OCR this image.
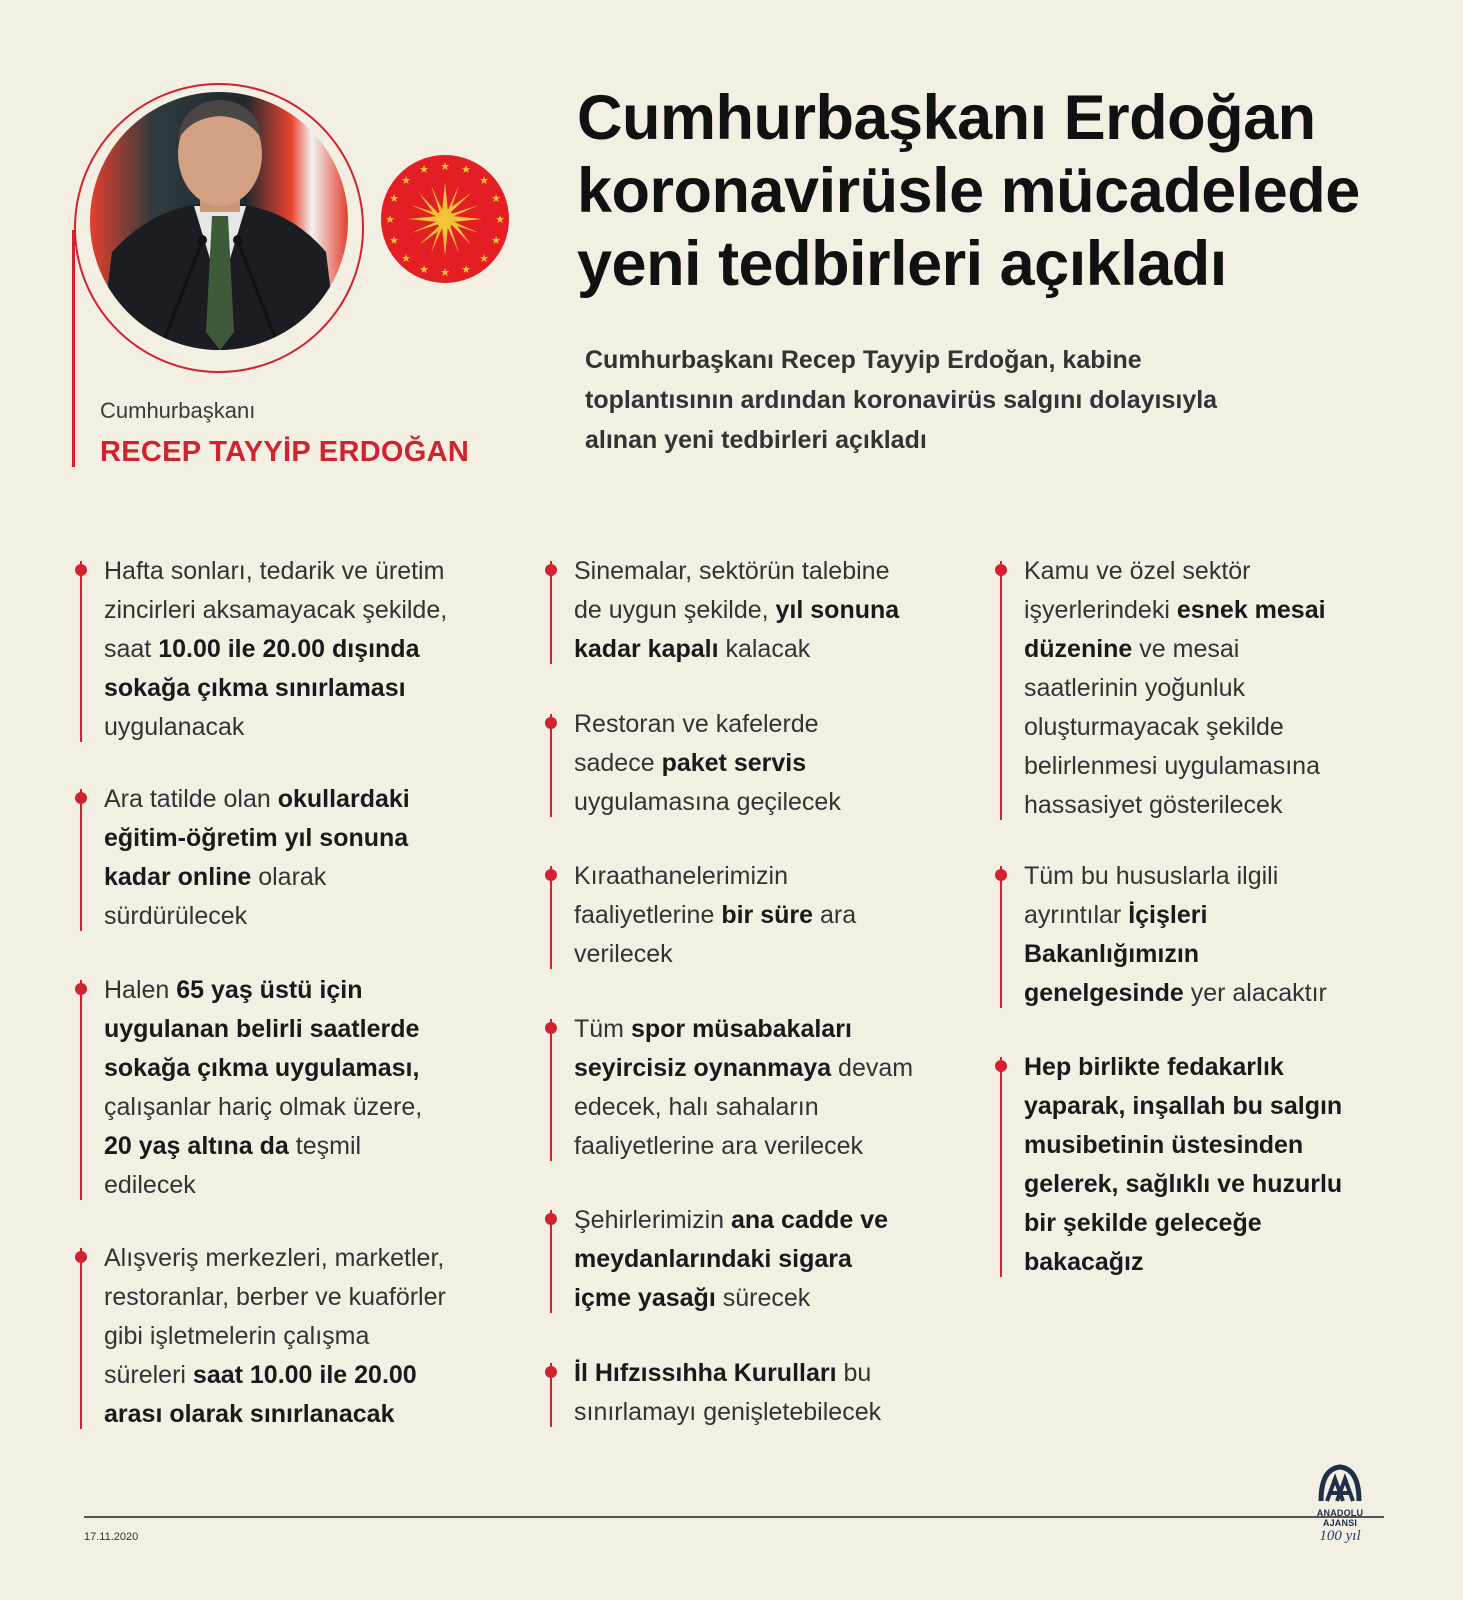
★
★
★	★
★	★
★	★
★	★
★	★
★	★
★	★
Cumhurbaşkanı
RECEP TAYYİP ERDOĞAN
Cumhurbaşkanı Erdoğan
koronavirüsle mücadelede
yeni tedbirleri açıkladı
Cumhurbaşkanı Recep Tayyip Erdoğan, kabine
toplantısının ardından koronavirüs salgını dolayısıyla
alınan yeni tedbirleri açıkladı
Hafta sonları, tedarik ve üretim
zincirleri aksamayacak şekilde,
saat 10.00 ile 20.00 dışında
sokağa çıkma sınırlaması
uygulanacak
Ara tatilde olan okullardaki
eğitim-öğretim yıl sonuna
kadar online olarak
sürdürülecek
Halen 65 yaş üstü için
uygulanan belirli saatlerde
sokağa çıkma uygulaması,
çalışanlar hariç olmak üzere,
20 yaş altına da teşmil
edilecek
Alışveriş merkezleri, marketler,
restoranlar, berber ve kuaförler
gibi işletmelerin çalışma
süreleri saat 10.00 ile 20.00
arası olarak sınırlanacak
Sinemalar, sektörün talebine
de uygun şekilde, yıl sonuna
kadar kapalı kalacak
Restoran ve kafelerde
sadece paket servis
uygulamasına geçilecek
Kıraathanelerimizin
faaliyetlerine bir süre ara
verilecek
Tüm spor müsabakaları
seyircisiz oynanmaya devam
edecek, halı sahaların
faaliyetlerine ara verilecek
Şehirlerimizin ana cadde ve
meydanlarındaki sigara
içme yasağı sürecek
İl Hıfzıssıhha Kurulları bu
sınırlamayı genişletebilecek
Kamu ve özel sektör
işyerlerindeki esnek mesai
düzenine ve mesai
saatlerinin yoğunluk
oluşturmayacak şekilde
belirlenmesi uygulamasına
hassasiyet gösterilecek
Tüm bu hususlarla ilgili
ayrıntılar İçişleri
Bakanlığımızın
genelgesinde yer alacaktır
Hep birlikte fedakarlık
yaparak, inşallah bu salgın
musibetinin üstesinden
gelerek, sağlıklı ve huzurlu
bir şekilde geleceğe
bakacağız
17.11.2020
ANADOLU AJANSI
100 yıl
